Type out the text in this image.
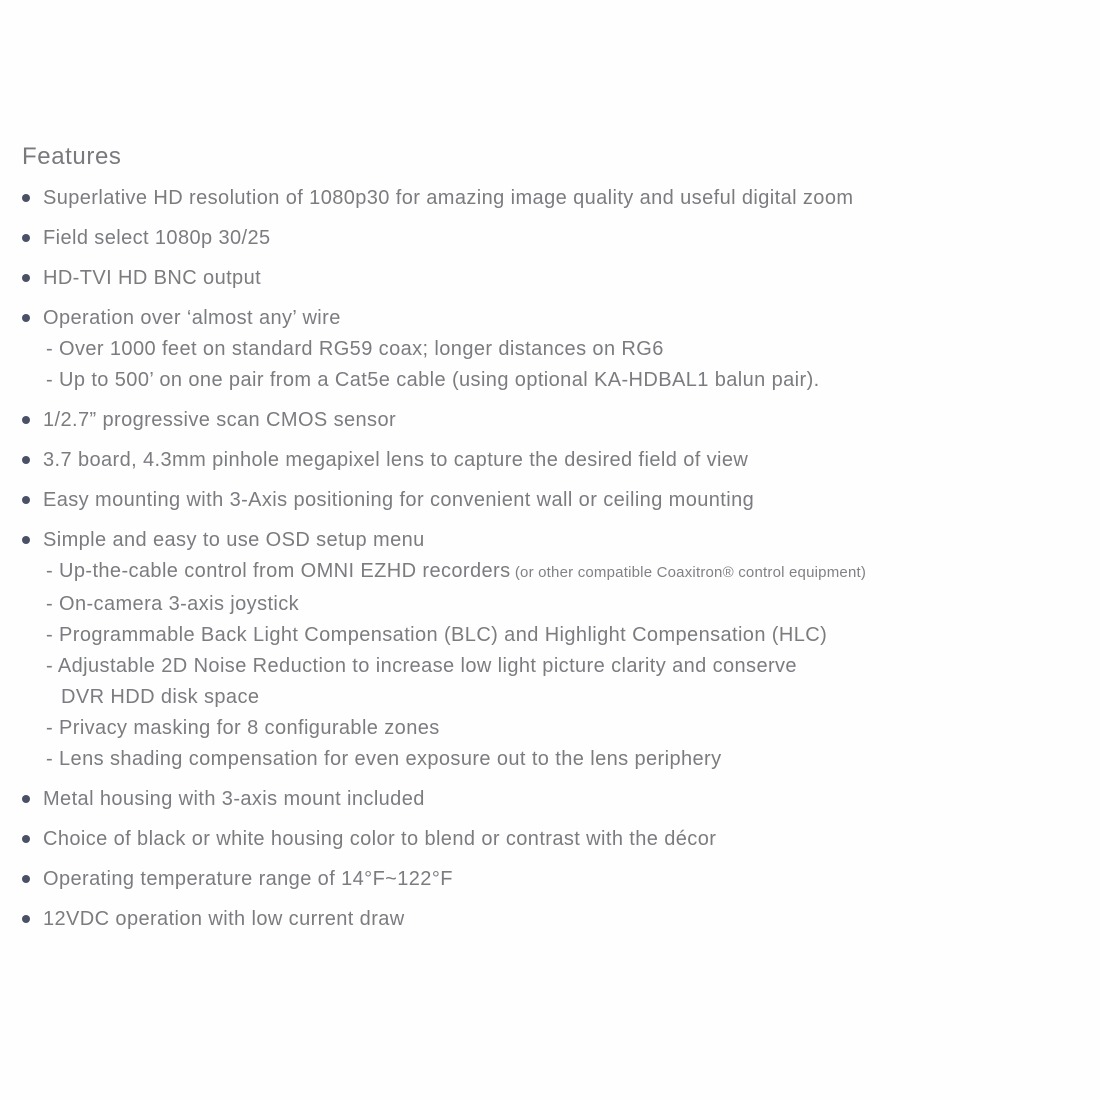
Features
Superlative HD resolution of 1080p30 for amazing image quality and useful digital zoom
Field select 1080p 30/25
HD-TVI HD BNC output
Operation over ‘almost any’ wire
- Over 1000 feet on standard RG59 coax; longer distances on RG6
- Up to 500’ on one pair from a Cat5e cable (using optional KA-HDBAL1 balun pair).
1/2.7” progressive scan CMOS sensor
3.7 board, 4.3mm pinhole megapixel lens to capture the desired field of view
Easy mounting with 3-Axis positioning for convenient wall or ceiling mounting
Simple and easy to use OSD setup menu
- Up-the-cable control from OMNI EZHD recorders (or other compatible Coaxitron® control equipment)
- On-camera 3-axis joystick
- Programmable Back Light Compensation (BLC) and Highlight Compensation (HLC)
- Adjustable 2D Noise Reduction to increase low light picture clarity and conserve
DVR HDD disk space
- Privacy masking for 8 configurable zones
- Lens shading compensation for even exposure out to the lens periphery
Metal housing with 3-axis mount included
Choice of black or white housing color to blend or contrast with the décor
Operating temperature range of 14°F~122°F
12VDC operation with low current draw
